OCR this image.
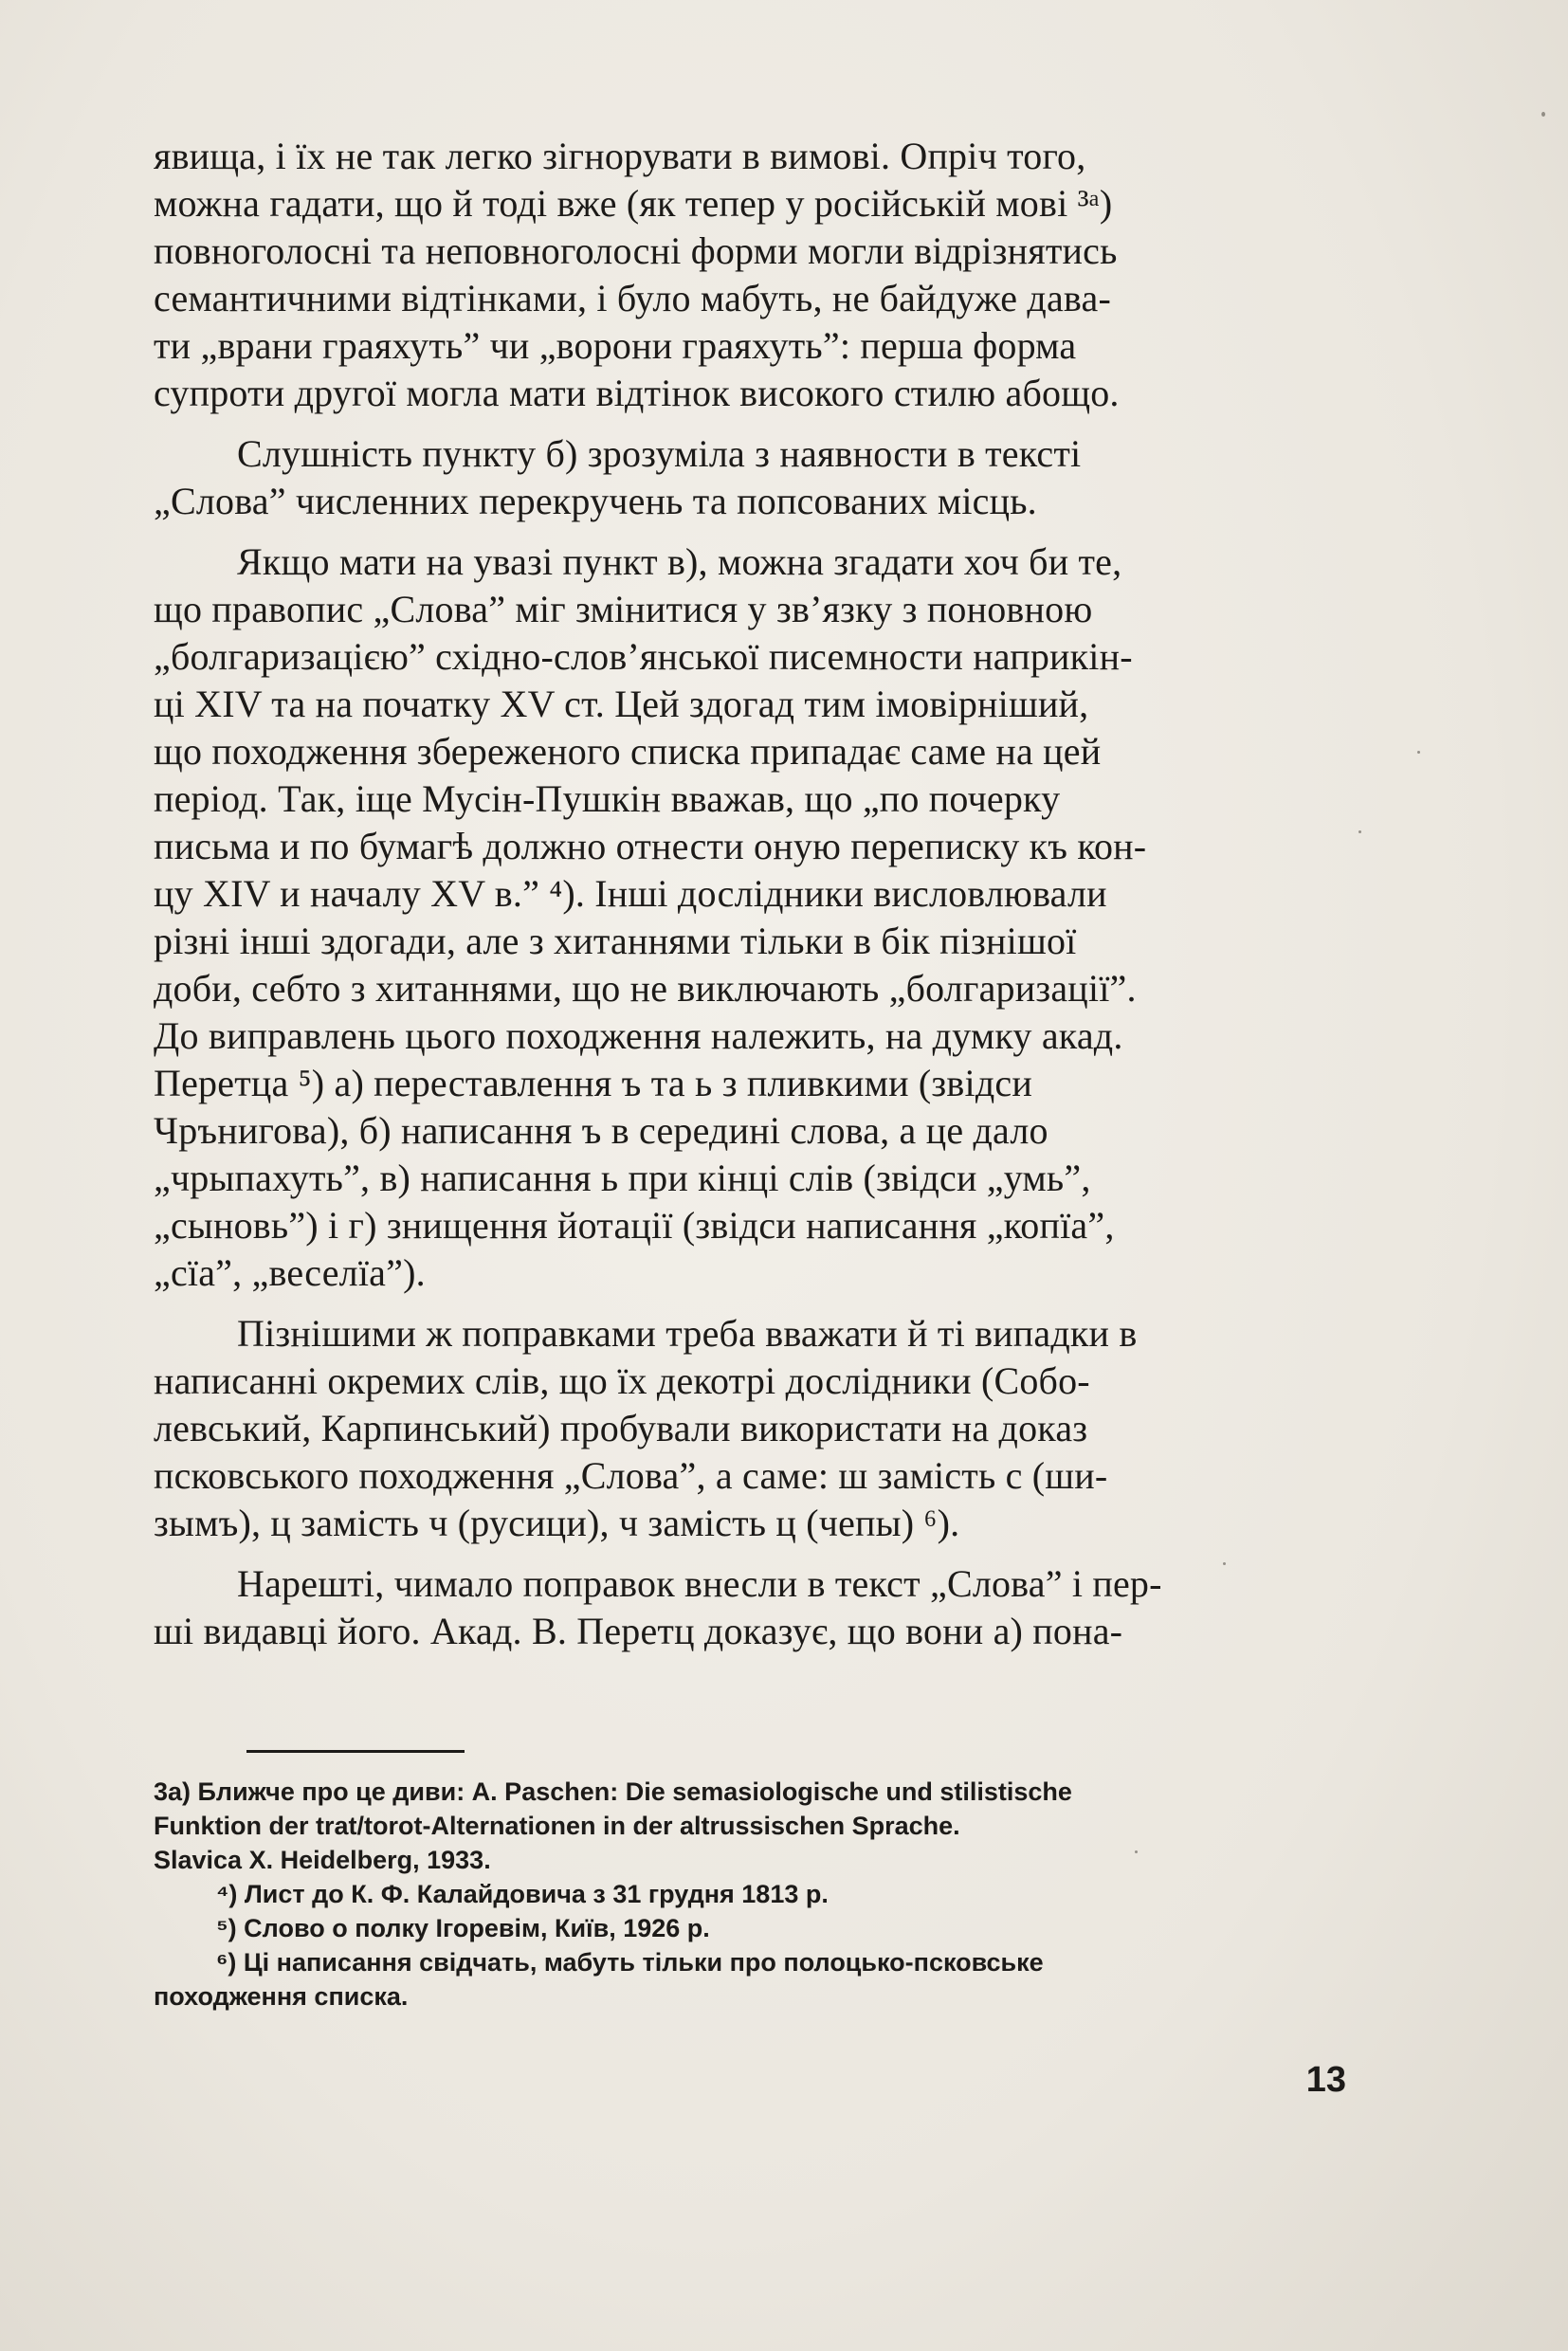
явища, і їх не так легко зігнорувати в вимові. Опріч того,
можна гадати, що й тоді вже (як тепер у російській мові ³ᵃ)
повноголосні та неповноголосні форми могли відрізнятись
семантичними відтінками, і було мабуть, не байдуже дава-
ти „врани граяхуть” чи „ворони граяхуть”: перша форма
супроти другої могла мати відтінок високого стилю абощо.

Слушність пункту б) зрозуміла з наявности в тексті
„Слова” численних перекручень та попсованих місць.

Якщо мати на увазі пункт в), можна згадати хоч би те,
що правопис „Слова” міг змінитися у зв’язку з поновною
„болгаризацією” східно-слов’янської писемности наприкін-
ці XIV та на початку XV ст. Цей здогад тим імовірніший,
що походження збереженого списка припадає саме на цей
період. Так, іще Мусін-Пушкін вважав, що „по почерку
письма и по бумагѣ должно отнести оную переписку къ кон-
цу XIV и началу XV в.” ⁴). Інші дослідники висловлювали
різні інші здогади, але з хитаннями тільки в бік пізнішої
доби, себто з хитаннями, що не виключають „болгаризації”.
До виправлень цього походження належить, на думку акад.
Перетца ⁵) а) переставлення ъ та ь з пливкими (звідси
Чрънигова), б) написання ъ в середині слова, а це дало
„чрыпахуть”, в) написання ь при кінці слів (звідси „умь”,
„сыновь”) і г) знищення йотації (звідси написання „копїа”,
„сїа”, „веселїа”).

Пізнішими ж поправками треба вважати й ті випадки в
написанні окремих слів, що їх декотрі дослідники (Собо-
левський, Карпинський) пробували використати на доказ
псковського походження „Слова”, а саме: ш замість с (ши-
зымъ), ц замість ч (русици), ч замість ц (чепы) ⁶).

Нарешті, чимало поправок внесли в текст „Слова” і пер-
ші видавці його. Акад. В. Перетц доказує, що вони а) пона-

3а) Ближче про це диви: A. Paschen: Die semasiologische und stilistische
Funktion der trat/torot-Alternationen in der altrussischen Sprache.
Slavica X. Heidelberg, 1933.

⁴) Лист до К. Ф. Калайдовича з 31 грудня 1813 р.

⁵) Слово о полку Ігоревім, Київ, 1926 р.

⁶) Ці написання свідчать, мабуть тільки про полоцько-псковське
походження списка.

13
